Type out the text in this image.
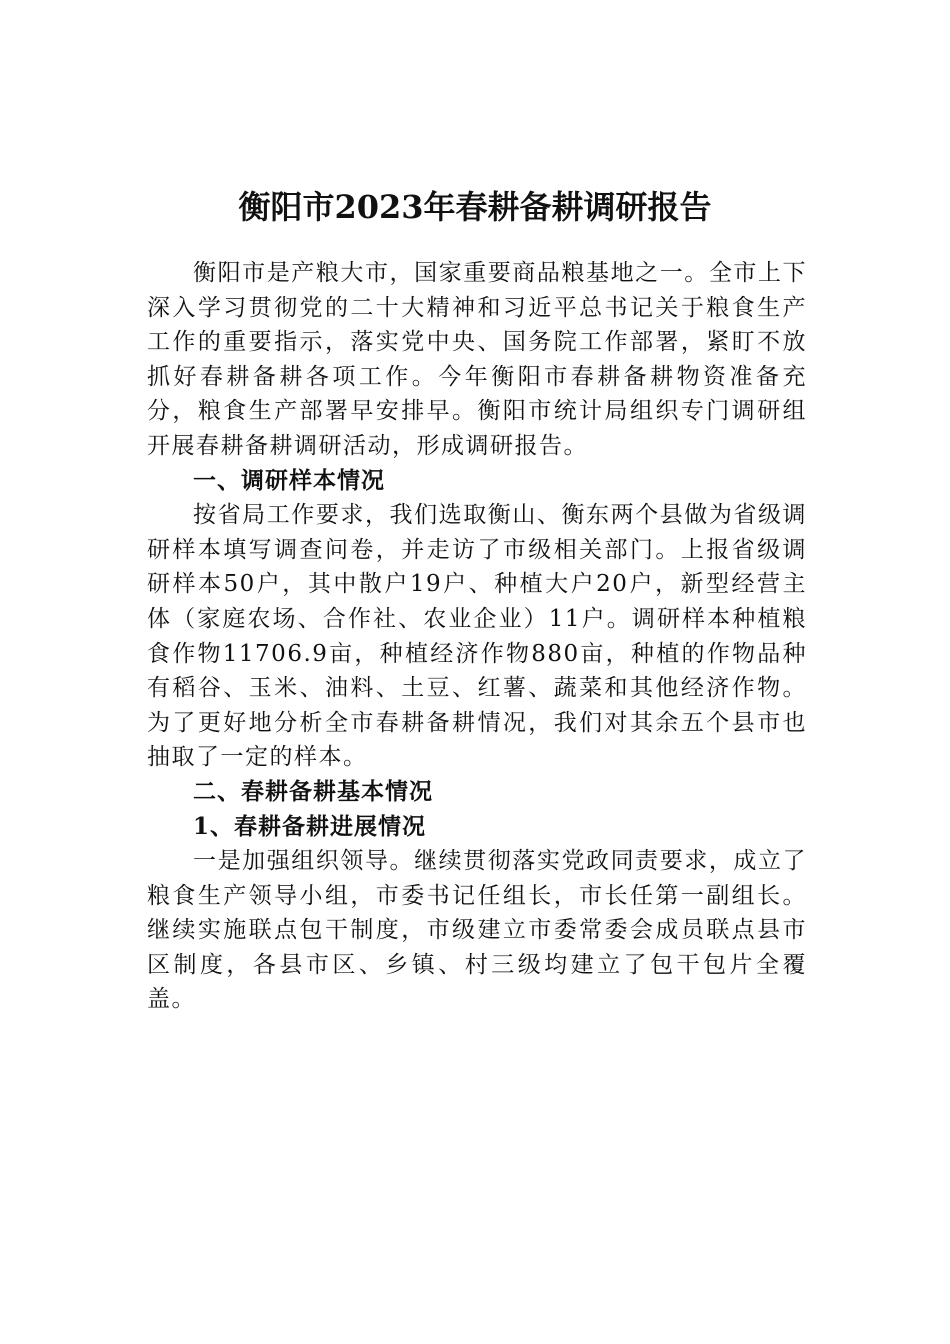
衡阳市2023年春耕备耕调研报告

衡阳市是产粮大市，国家重要商品粮基地之一。全市上下深入学习贯彻党的二十大精神和习近平总书记关于粮食生产工作的重要指示，落实党中央、国务院工作部署，紧盯不放抓好春耕备耕各项工作。今年衡阳市春耕备耕物资准备充分，粮食生产部署早安排早。衡阳市统计局组织专门调研组开展春耕备耕调研活动，形成调研报告。

一、调研样本情况

按省局工作要求，我们选取衡山、衡东两个县做为省级调研样本填写调查问卷，并走访了市级相关部门。上报省级调研样本50户，其中散户19户、种植大户20户，新型经营主体（家庭农场、合作社、农业企业）11户。调研样本种植粮食作物11706.9亩，种植经济作物880亩，种植的作物品种有稻谷、玉米、油料、土豆、红薯、蔬菜和其他经济作物。为了更好地分析全市春耕备耕情况，我们对其余五个县市也抽取了一定的样本。

二、春耕备耕基本情况

1、春耕备耕进展情况

一是加强组织领导。继续贯彻落实党政同责要求，成立了粮食生产领导小组，市委书记任组长，市长任第一副组长。继续实施联点包干制度，市级建立市委常委会成员联点县市区制度，各县市区、乡镇、村三级均建立了包干包片全覆盖。
